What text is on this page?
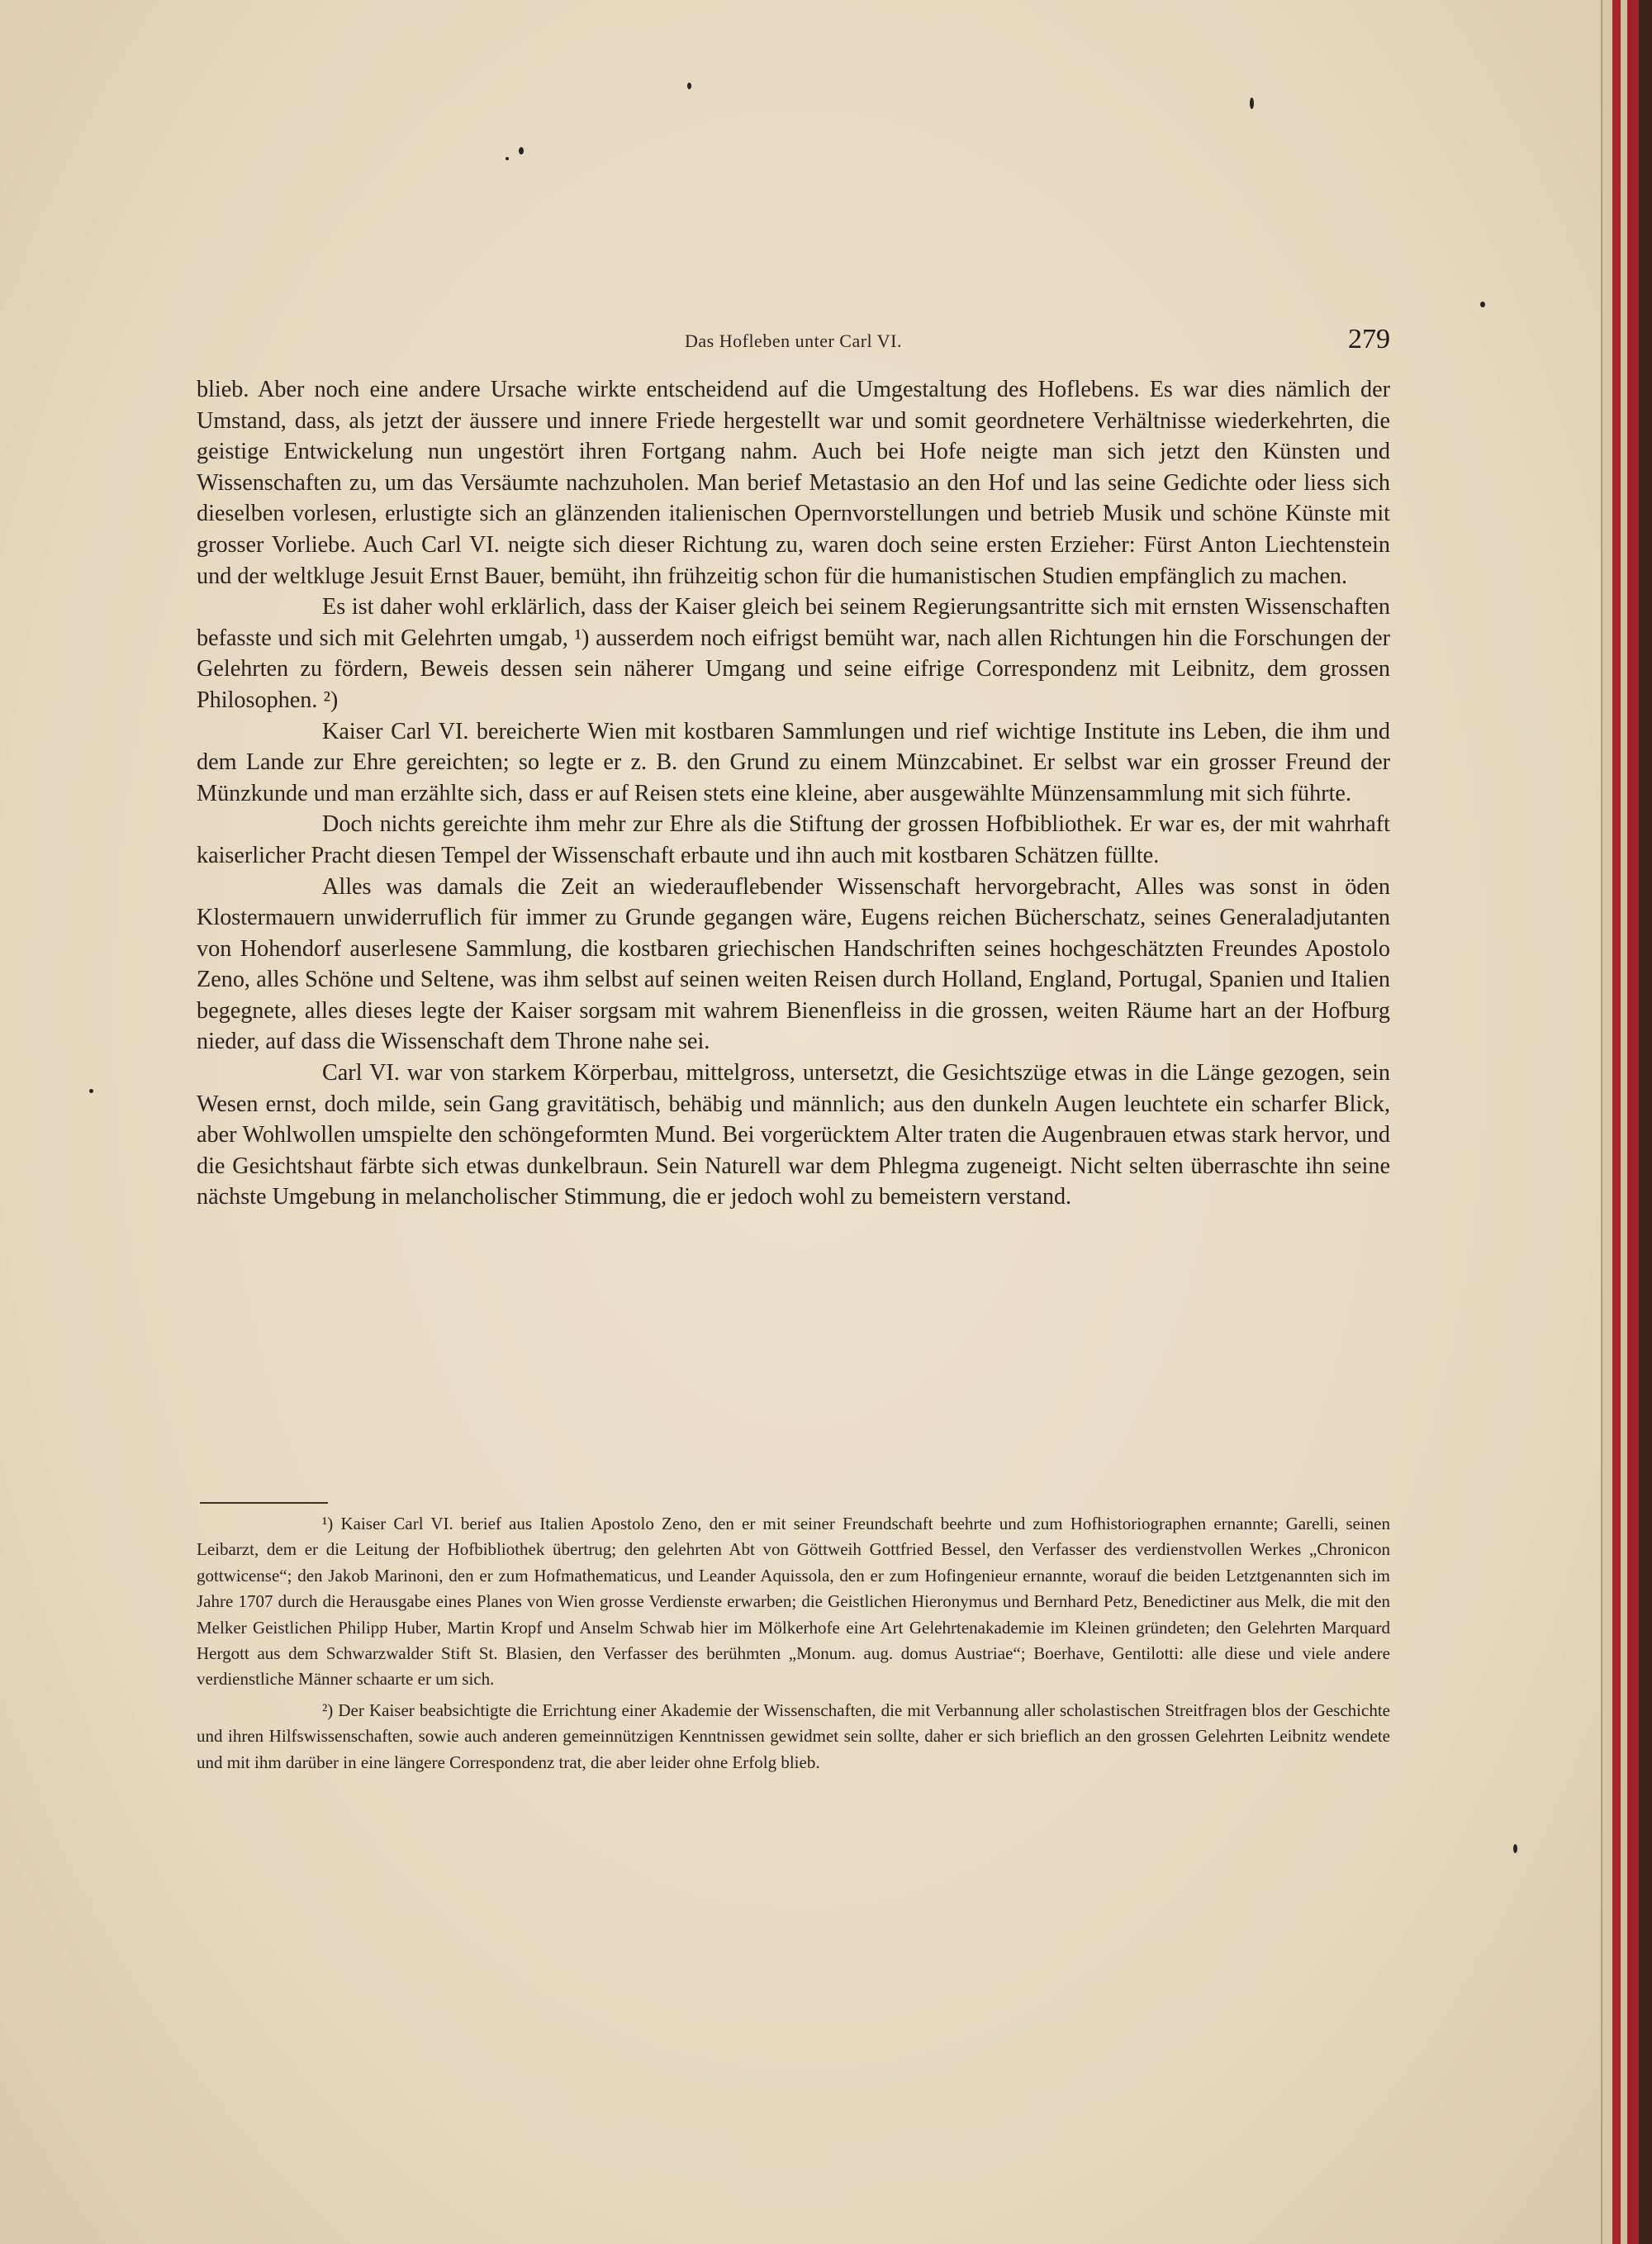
Das Hofleben unter Carl VI.	279

blieb. Aber noch eine andere Ursache wirkte entscheidend auf die Umgestaltung des Hoflebens. Es war dies nämlich der Umstand, dass, als jetzt der äussere und innere Friede hergestellt war und somit geordnetere Verhältnisse wiederkehrten, die geistige Entwickelung nun ungestört ihren Fortgang nahm. Auch bei Hofe neigte man sich jetzt den Künsten und Wissenschaften zu, um das Versäumte nachzuholen. Man berief Metastasio an den Hof und las seine Gedichte oder liess sich dieselben vorlesen, erlustigte sich an glänzenden italienischen Opernvorstellungen und betrieb Musik und schöne Künste mit grosser Vorliebe. Auch Carl VI. neigte sich dieser Richtung zu, waren doch seine ersten Erzieher: Fürst Anton Liechtenstein und der weltkluge Jesuit Ernst Bauer, bemüht, ihn frühzeitig schon für die humanistischen Studien empfänglich zu machen.

Es ist daher wohl erklärlich, dass der Kaiser gleich bei seinem Regierungsantritte sich mit ernsten Wissenschaften befasste und sich mit Gelehrten umgab, ¹) ausserdem noch eifrigst bemüht war, nach allen Richtungen hin die Forschungen der Gelehrten zu fördern, Beweis dessen sein näherer Umgang und seine eifrige Correspondenz mit Leibnitz, dem grossen Philosophen. ²)

Kaiser Carl VI. bereicherte Wien mit kostbaren Sammlungen und rief wichtige Institute ins Leben, die ihm und dem Lande zur Ehre gereichten; so legte er z. B. den Grund zu einem Münzcabinet. Er selbst war ein grosser Freund der Münzkunde und man erzählte sich, dass er auf Reisen stets eine kleine, aber ausgewählte Münzensammlung mit sich führte.

Doch nichts gereichte ihm mehr zur Ehre als die Stiftung der grossen Hofbibliothek. Er war es, der mit wahrhaft kaiserlicher Pracht diesen Tempel der Wissenschaft erbaute und ihn auch mit kostbaren Schätzen füllte.

Alles was damals die Zeit an wiederauflebender Wissenschaft hervorgebracht, Alles was sonst in öden Klostermauern unwiderruflich für immer zu Grunde gegangen wäre, Eugens reichen Bücherschatz, seines Generaladjutanten von Hohendorf auserlesene Sammlung, die kostbaren griechischen Handschriften seines hochgeschätzten Freundes Apostolo Zeno, alles Schöne und Seltene, was ihm selbst auf seinen weiten Reisen durch Holland, England, Portugal, Spanien und Italien begegnete, alles dieses legte der Kaiser sorgsam mit wahrem Bienenfleiss in die grossen, weiten Räume hart an der Hofburg nieder, auf dass die Wissenschaft dem Throne nahe sei.

Carl VI. war von starkem Körperbau, mittelgross, untersetzt, die Gesichtszüge etwas in die Länge gezogen, sein Wesen ernst, doch milde, sein Gang gravitätisch, behäbig und männlich; aus den dunkeln Augen leuchtete ein scharfer Blick, aber Wohlwollen umspielte den schöngeformten Mund. Bei vorgerücktem Alter traten die Augenbrauen etwas stark hervor, und die Gesichtshaut färbte sich etwas dunkelbraun. Sein Naturell war dem Phlegma zugeneigt. Nicht selten überraschte ihn seine nächste Umgebung in melancholischer Stimmung, die er jedoch wohl zu bemeistern verstand.

¹) Kaiser Carl VI. berief aus Italien Apostolo Zeno, den er mit seiner Freundschaft beehrte und zum Hofhistoriographen ernannte; Garelli, seinen Leibarzt, dem er die Leitung der Hofbibliothek übertrug; den gelehrten Abt von Göttweih Gottfried Bessel, den Verfasser des verdienstvollen Werkes „Chronicon gottwicense“; den Jakob Marinoni, den er zum Hofmathematicus, und Leander Aquissola, den er zum Hofingenieur ernannte, worauf die beiden Letztgenannten sich im Jahre 1707 durch die Herausgabe eines Planes von Wien grosse Verdienste erwarben; die Geistlichen Hieronymus und Bernhard Petz, Benedictiner aus Melk, die mit den Melker Geistlichen Philipp Huber, Martin Kropf und Anselm Schwab hier im Mölkerhofe eine Art Gelehrtenakademie im Kleinen gründeten; den Gelehrten Marquard Hergott aus dem Schwarzwalder Stift St. Blasien, den Verfasser des berühmten „Monum. aug. domus Austriae“; Boerhave, Gentilotti: alle diese und viele andere verdienstliche Männer schaarte er um sich.

²) Der Kaiser beabsichtigte die Errichtung einer Akademie der Wissenschaften, die mit Verbannung aller scholastischen Streitfragen blos der Geschichte und ihren Hilfswissenschaften, sowie auch anderen gemeinnützigen Kenntnissen gewidmet sein sollte, daher er sich brieflich an den grossen Gelehrten Leibnitz wendete und mit ihm darüber in eine längere Correspondenz trat, die aber leider ohne Erfolg blieb.
